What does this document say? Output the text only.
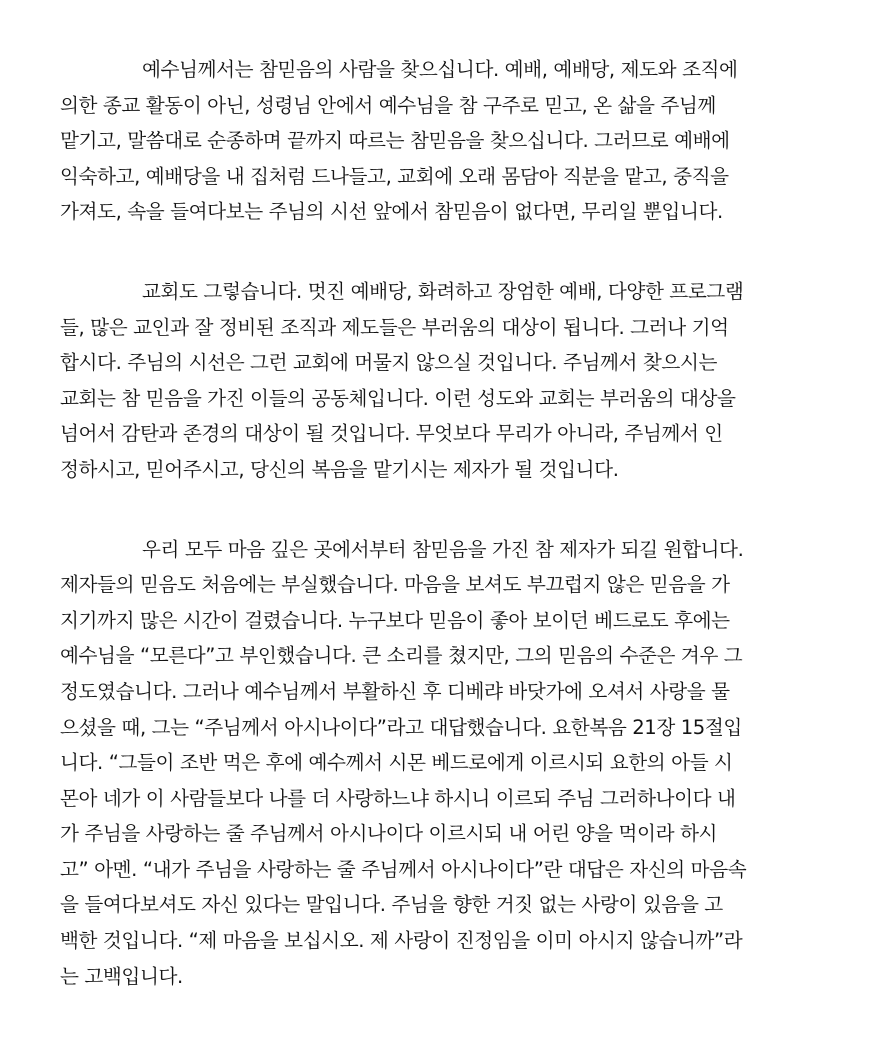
예수님께서는 참믿음의 사람을 찾으십니다. 예배, 예배당, 제도와 조직에
의한 종교 활동이 아닌, 성령님 안에서 예수님을 참 구주로 믿고, 온 삶을 주님께
맡기고, 말씀대로 순종하며 끝까지 따르는 참믿음을 찾으십니다. 그러므로 예배에
익숙하고, 예배당을 내 집처럼 드나들고, 교회에 오래 몸담아 직분을 맡고, 중직을
가져도, 속을 들여다보는 주님의 시선 앞에서 참믿음이 없다면, 무리일 뿐입니다.
교회도 그렇습니다. 멋진 예배당, 화려하고 장엄한 예배, 다양한 프로그램
들, 많은 교인과 잘 정비된 조직과 제도들은 부러움의 대상이 됩니다. 그러나 기억
합시다. 주님의 시선은 그런 교회에 머물지 않으실 것입니다. 주님께서 찾으시는
교회는 참 믿음을 가진 이들의 공동체입니다. 이런 성도와 교회는 부러움의 대상을
넘어서 감탄과 존경의 대상이 될 것입니다. 무엇보다 무리가 아니라, 주님께서 인
정하시고, 믿어주시고, 당신의 복음을 맡기시는 제자가 될 것입니다.
우리 모두 마음 깊은 곳에서부터 참믿음을 가진 참 제자가 되길 원합니다.
제자들의 믿음도 처음에는 부실했습니다. 마음을 보셔도 부끄럽지 않은 믿음을 가
지기까지 많은 시간이 걸렸습니다. 누구보다 믿음이 좋아 보이던 베드로도 후에는
예수님을 “모른다”고 부인했습니다. 큰 소리를 쳤지만, 그의 믿음의 수준은 겨우 그
정도였습니다. 그러나 예수님께서 부활하신 후 디베랴 바닷가에 오셔서 사랑을 물
으셨을 때, 그는 “주님께서 아시나이다”라고 대답했습니다. 요한복음 21장 15절입
니다. “그들이 조반 먹은 후에 예수께서 시몬 베드로에게 이르시되 요한의 아들 시
몬아 네가 이 사람들보다 나를 더 사랑하느냐 하시니 이르되 주님 그러하나이다 내
가 주님을 사랑하는 줄 주님께서 아시나이다 이르시되 내 어린 양을 먹이라 하시
고” 아멘. “내가 주님을 사랑하는 줄 주님께서 아시나이다”란 대답은 자신의 마음속
을 들여다보셔도 자신 있다는 말입니다. 주님을 향한 거짓 없는 사랑이 있음을 고
백한 것입니다. “제 마음을 보십시오. 제 사랑이 진정임을 이미 아시지 않습니까”라
는 고백입니다.
